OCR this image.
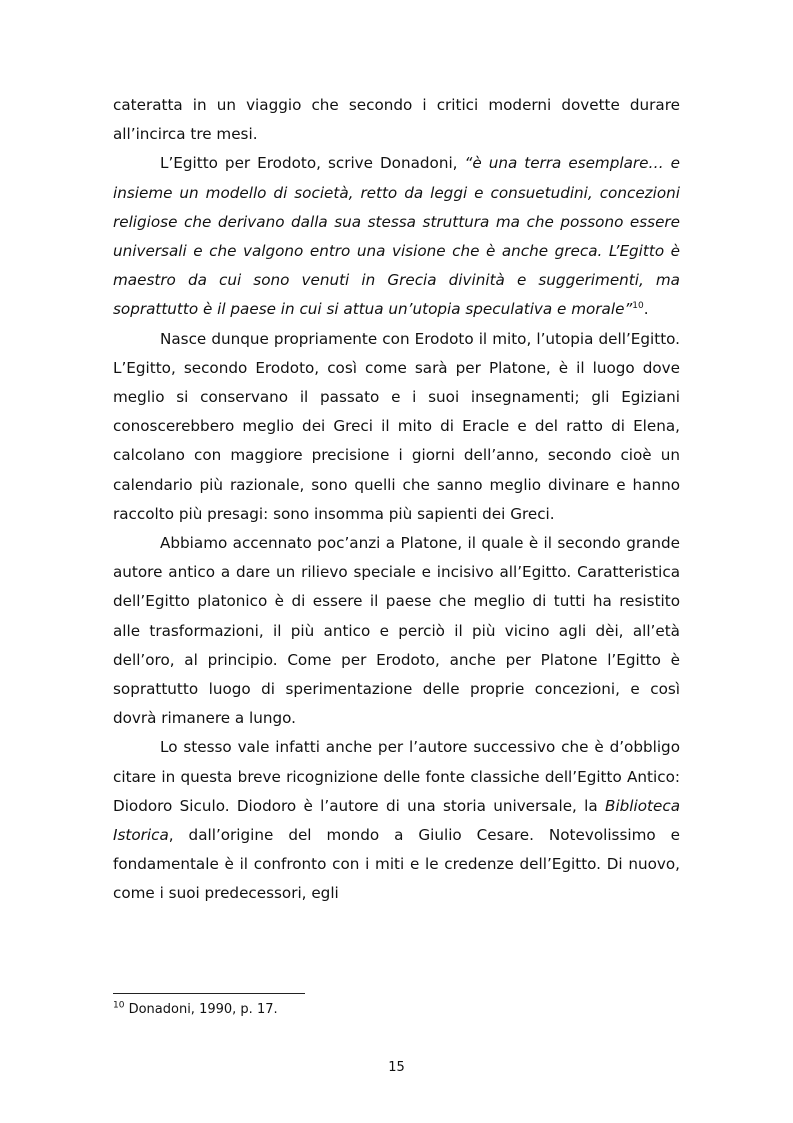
cateratta in un viaggio che secondo i critici moderni dovette durare all’incirca tre mesi.

L’Egitto per Erodoto, scrive Donadoni, “è una terra esemplare… e insieme un modello di società, retto da leggi e consuetudini, concezioni religiose che derivano dalla sua stessa struttura ma che possono essere universali e che valgono entro una visione che è anche greca. L’Egitto è maestro da cui sono venuti in Grecia divinità e suggerimenti, ma soprattutto è il paese in cui si attua un’utopia speculativa e morale”$^{10}$.

Nasce dunque propriamente con Erodoto il mito, l’utopia dell’Egitto. L’Egitto, secondo Erodoto, così come sarà per Platone, è il luogo dove meglio si conservano il passato e i suoi insegnamenti; gli Egiziani conoscerebbero meglio dei Greci il mito di Eracle e del ratto di Elena, calcolano con maggiore precisione i giorni dell’anno, secondo cioè un calendario più razionale, sono quelli che sanno meglio divinare e hanno raccolto più presagi: sono insomma più sapienti dei Greci.

Abbiamo accennato poc’anzi a Platone, il quale è il secondo grande autore antico a dare un rilievo speciale e incisivo all’Egitto. Caratteristica dell’Egitto platonico è di essere il paese che meglio di tutti ha resistito alle trasformazioni, il più antico e perciò il più vicino agli dèi, all’età dell’oro, al principio. Come per Erodoto, anche per Platone l’Egitto è soprattutto luogo di sperimentazione delle proprie concezioni, e così dovrà rimanere a lungo.

Lo stesso vale infatti anche per l’autore successivo che è d’obbligo citare in questa breve ricognizione delle fonte classiche dell’Egitto Antico: Diodoro Siculo. Diodoro è l’autore di una storia universale, la Biblioteca Istorica, dall’origine del mondo a Giulio Cesare. Notevolissimo e fondamentale è il confronto con i miti e le credenze dell’Egitto. Di nuovo, come i suoi predecessori, egli

$^{10}$ Donadoni, 1990, p. 17.
15
